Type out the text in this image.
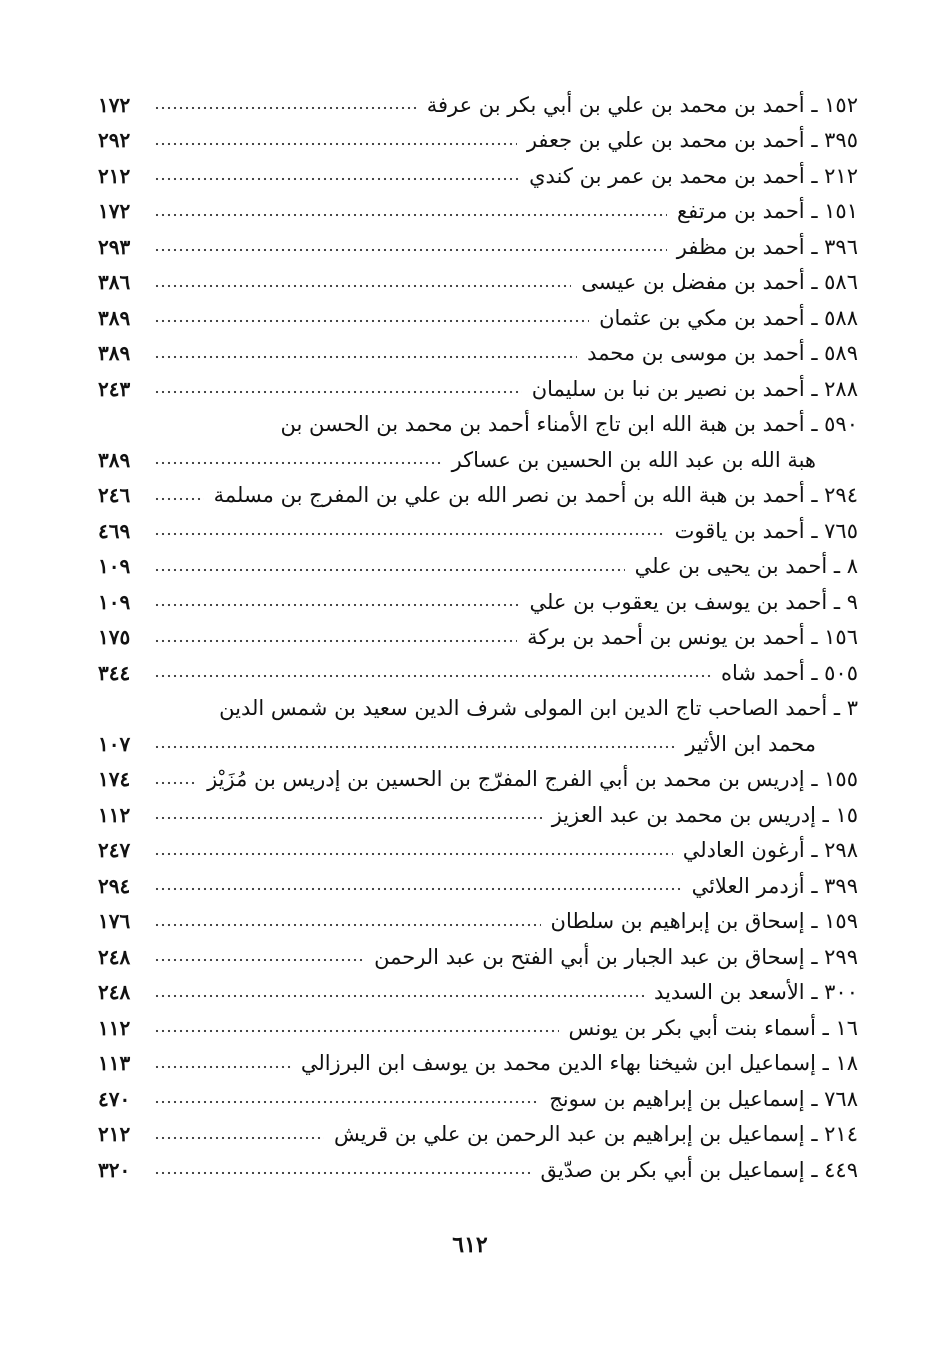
١٥٢ ـ أحمد بن محمد بن علي بن أبي بكر بن عرفة
١٧٢
٣٩٥ ـ أحمد بن محمد بن علي بن جعفر
٢٩٢
٢١٢ ـ أحمد بن محمد بن عمر بن كندي
٢١٢
١٥١ ـ أحمد بن مرتفع
١٧٢
٣٩٦ ـ أحمد بن مظفر
٢٩٣
٥٨٦ ـ أحمد بن مفضل بن عيسى
٣٨٦
٥٨٨ ـ أحمد بن مكي بن عثمان
٣٨٩
٥٨٩ ـ أحمد بن موسى بن محمد
٣٨٩
٢٨٨ ـ أحمد بن نصير بن نبا بن سليمان
٢٤٣
٥٩٠ ـ أحمد بن هبة الله ابن تاج الأمناء أحمد بن محمد بن الحسن بن
هبة الله بن عبد الله بن الحسين بن عساكر
٣٨٩
٢٩٤ ـ أحمد بن هبة الله بن أحمد بن نصر الله بن علي بن المفرج بن مسلمة
٢٤٦
٧٦٥ ـ أحمد بن ياقوت
٤٦٩
٨ ـ أحمد بن يحيى بن علي
١٠٩
٩ ـ أحمد بن يوسف بن يعقوب بن علي
١٠٩
١٥٦ ـ أحمد بن يونس بن أحمد بن بركة
١٧٥
٥٠٥ ـ أحمد شاه
٣٤٤
٣ ـ أحمد الصاحب تاج الدين ابن المولى شرف الدين سعيد بن شمس الدين
محمد ابن الأثير
١٠٧
١٥٥ ـ إدريس بن محمد بن أبي الفرج المفرّج بن الحسين بن إدريس بن مُزَيْز
١٧٤
١٥ ـ إدريس بن محمد بن عبد العزيز
١١٢
٢٩٨ ـ أرغون العادلي
٢٤٧
٣٩٩ ـ أزدمر العلائي
٢٩٤
١٥٩ ـ إسحاق بن إبراهيم بن سلطان
١٧٦
٢٩٩ ـ إسحاق بن عبد الجبار بن أبي الفتح بن عبد الرحمن
٢٤٨
٣٠٠ ـ الأسعد بن السديد
٢٤٨
١٦ ـ أسماء بنت أبي بكر بن يونس
١١٢
١٨ ـ إسماعيل ابن شيخنا بهاء الدين محمد بن يوسف ابن البرزالي
١١٣
٧٦٨ ـ إسماعيل بن إبراهيم بن سونج
٤٧٠
٢١٤ ـ إسماعيل بن إبراهيم بن عبد الرحمن بن علي بن قريش
٢١٢
٤٤٩ ـ إسماعيل بن أبي بكر بن صدّيق
٣٢٠
٦١٢
